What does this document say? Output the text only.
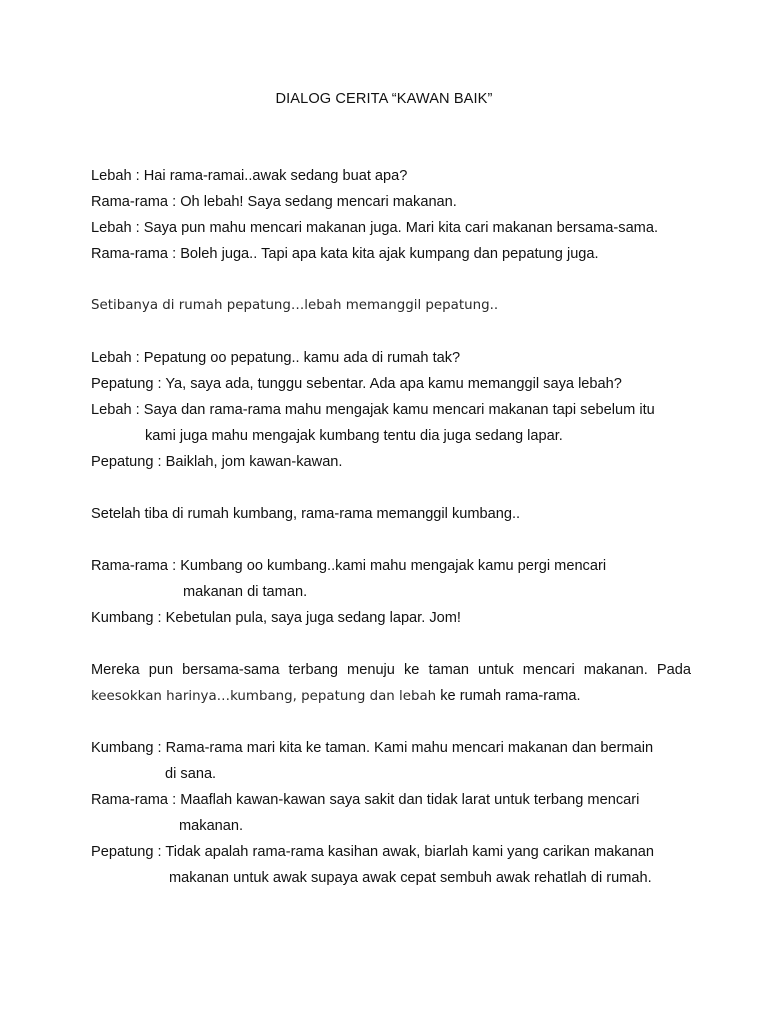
DIALOG CERITA “KAWAN BAIK”
Lebah : Hai rama-ramai..awak sedang buat apa?
Rama-rama : Oh lebah! Saya sedang mencari makanan.
Lebah : Saya pun mahu mencari makanan juga. Mari kita cari makanan bersama-sama.
Rama-rama : Boleh juga.. Tapi apa kata kita ajak kumpang dan pepatung juga.
Setibanya di rumah pepatung…lebah memanggil pepatung..
Lebah : Pepatung oo pepatung.. kamu ada di rumah tak?
Pepatung : Ya, saya ada, tunggu sebentar. Ada apa kamu memanggil saya lebah?
Lebah : Saya dan rama-rama mahu mengajak kamu mencari makanan tapi sebelum itu
kami juga mahu mengajak kumbang tentu dia juga sedang lapar.
Pepatung : Baiklah, jom kawan-kawan.
Setelah tiba di rumah kumbang, rama-rama memanggil kumbang..
Rama-rama : Kumbang oo kumbang..kami mahu mengajak kamu pergi mencari
makanan di taman.
Kumbang : Kebetulan pula, saya juga sedang lapar. Jom!
Mereka pun bersama-sama terbang menuju ke taman untuk mencari makanan. Pada
keesokkan harinya…kumbang, pepatung dan lebah ke rumah rama-rama.
Kumbang : Rama-rama mari kita ke taman. Kami mahu mencari makanan dan bermain
di sana.
Rama-rama : Maaflah kawan-kawan saya sakit dan tidak larat untuk terbang mencari
makanan.
Pepatung : Tidak apalah rama-rama kasihan awak, biarlah kami yang carikan makanan
makanan untuk awak supaya awak cepat sembuh awak rehatlah di rumah.
